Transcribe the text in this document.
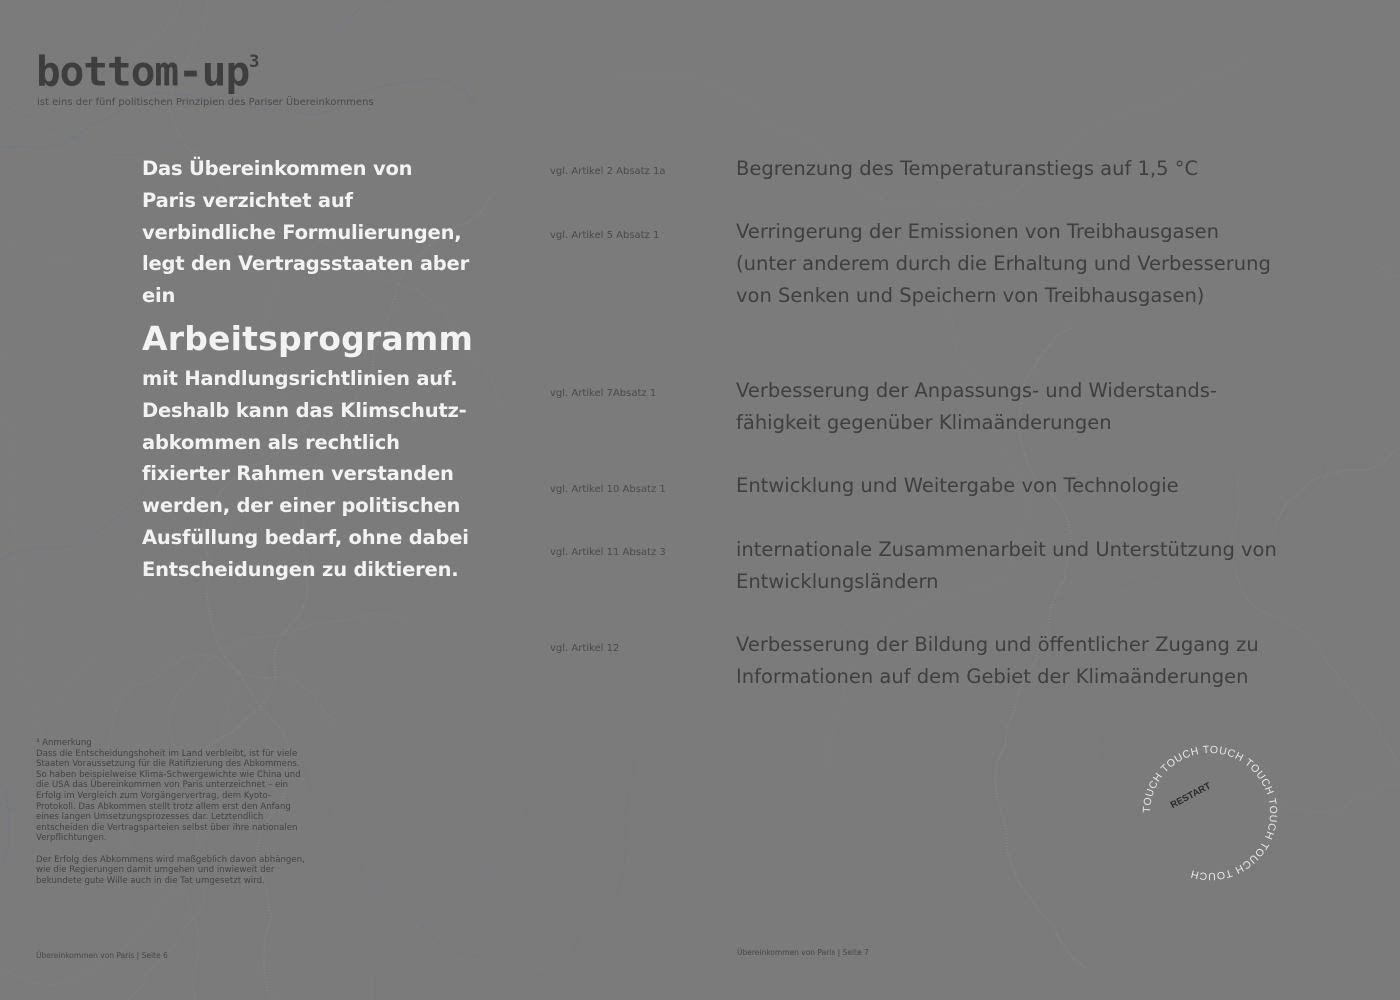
bottom-$up^3$
ist eins der fünf politischen Prinzipien des Pariser Übereinkommens

Das Übereinkommen von Paris verzichtet auf verbindliche Formulierungen, legt den Vertragsstaaten aber ein

Arbeitsprogramm

mit Handlungsrichtlinien auf. Deshalb kann das Klimschutz-abkommen als rechtlich fixierter Rahmen verstanden werden, der einer politischen Ausfüllung bedarf, ohne dabei Entscheidungen zu diktieren.

vgl. Artikel 2 Absatz 1a	Begrenzung des Temperaturanstiegs auf 1,5 °C
vgl. Artikel 5 Absatz 1	Verringerung der Emissionen von Treibhausgasen (unter anderem durch die Erhaltung und Verbesserung von Senken und Speichern von Treibhausgasen)
vgl. Artikel 7Absatz 1	Verbesserung der Anpassungs- und Widerstands-fähigkeit gegenüber Klimaänderungen
vgl. Artikel 10 Absatz 1	Entwicklung und Weitergabe von Technologie
vgl. Artikel 11 Absatz 3	internationale Zusammenarbeit und Unterstützung von Entwicklungsländern
vgl. Artikel 12	Verbesserung der Bildung und öffentlicher Zugang zu Informationen auf dem Gebiet der Klimaänderungen
³ Anmerkung

Dass die Entscheidungshoheit im Land verbleibt, ist für viele Staaten Voraussetzung für die Ratifizierung des Abkommens. So haben beispielweise Klima-Schwergewichte wie China und die USA das Übereinkommen von Paris unterzeichnet – ein Erfolg im Vergleich zum Vorgängervertrag, dem Kyoto-Protokoll. Das Abkommen stellt trotz allem erst den Anfang eines langen Umsetzungsprozesses dar. Letztendlich entscheiden die Vertragsparteien selbst über ihre nationalen Verpflichtungen.

Der Erfolg des Abkommens wird maßgeblich davon abhängen, wie die Regierungen damit umgehen und inwieweit der bekundete gute Wille auch in die Tat umgesetzt wird.

Übereinkommen von Paris | Seite 6	Übereinkommen von Paris | Seite 7
TOUCH TOUCH TOUCH TOUCH TOUCH TOUCH TOUCH
RESTART
